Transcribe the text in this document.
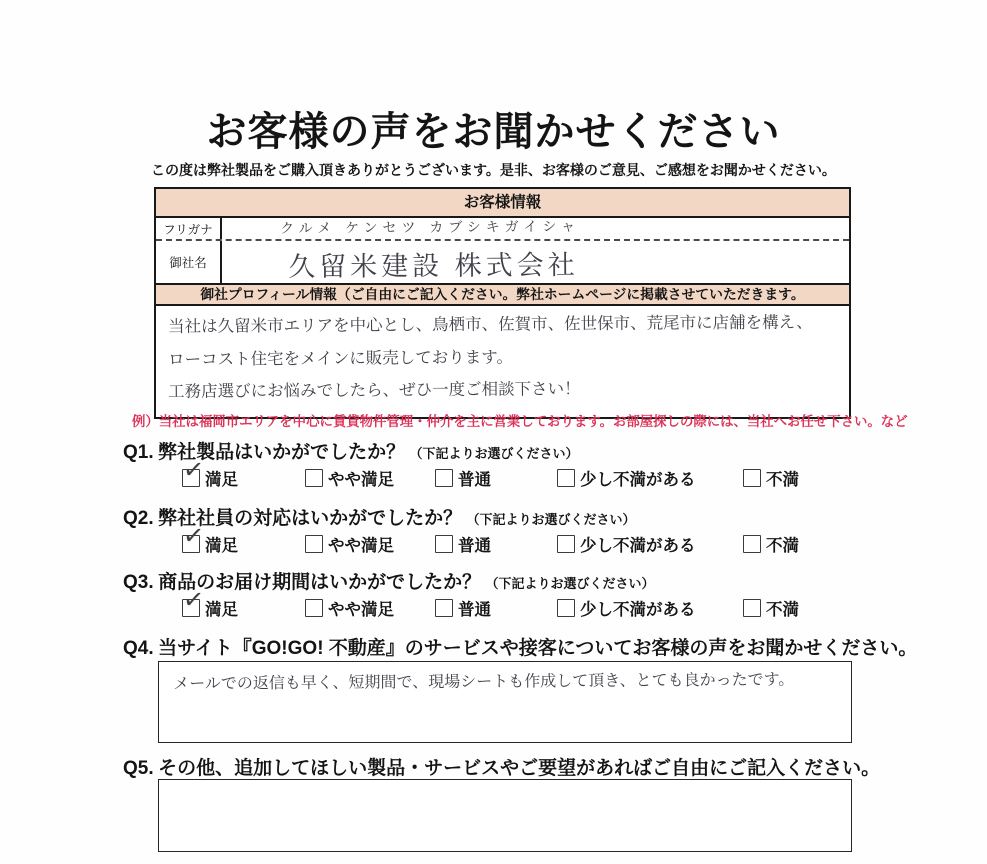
お客様の声をお聞かせください
この度は弊社製品をご購入頂きありがとうございます。是非、お客様のご意見、ご感想をお聞かせください。
お客様情報
フリガナ	クルメ ケンセツ カブシキガイシャ
御社名	久留米建設 株式会社
御社プロフィール情報（ご自由にご記入ください。弊社ホームページに掲載させていただきます。
当社は久留米市エリアを中心とし、鳥栖市、佐賀市、佐世保市、荒尾市に店舗を構え、
ローコスト住宅をメインに販売しております。
工務店選びにお悩みでしたら、ぜひ一度ご相談下さい！
例）当社は福岡市エリアを中心に賃貸物件管理・仲介を主に営業しております。お部屋探しの際には、当社へお任せ下さい。など
Q1. 弊社製品はいかがでしたか？ （下記よりお選びください）
✓ 満足	やや満足	普通	少し不満がある	不満
Q2. 弊社社員の対応はいかがでしたか？ （下記よりお選びください）
✓ 満足	やや満足	普通	少し不満がある	不満
Q3. 商品のお届け期間はいかがでしたか？ （下記よりお選びください）
✓ 満足	やや満足	普通	少し不満がある	不満
Q4. 当サイト『GO!GO! 不動産』のサービスや接客についてお客様の声をお聞かせください。
メールでの返信も早く、短期間で、現場シートも作成して頂き、とても良かったです。
Q5. その他、追加してほしい製品・サービスやご要望があればご自由にご記入ください。
